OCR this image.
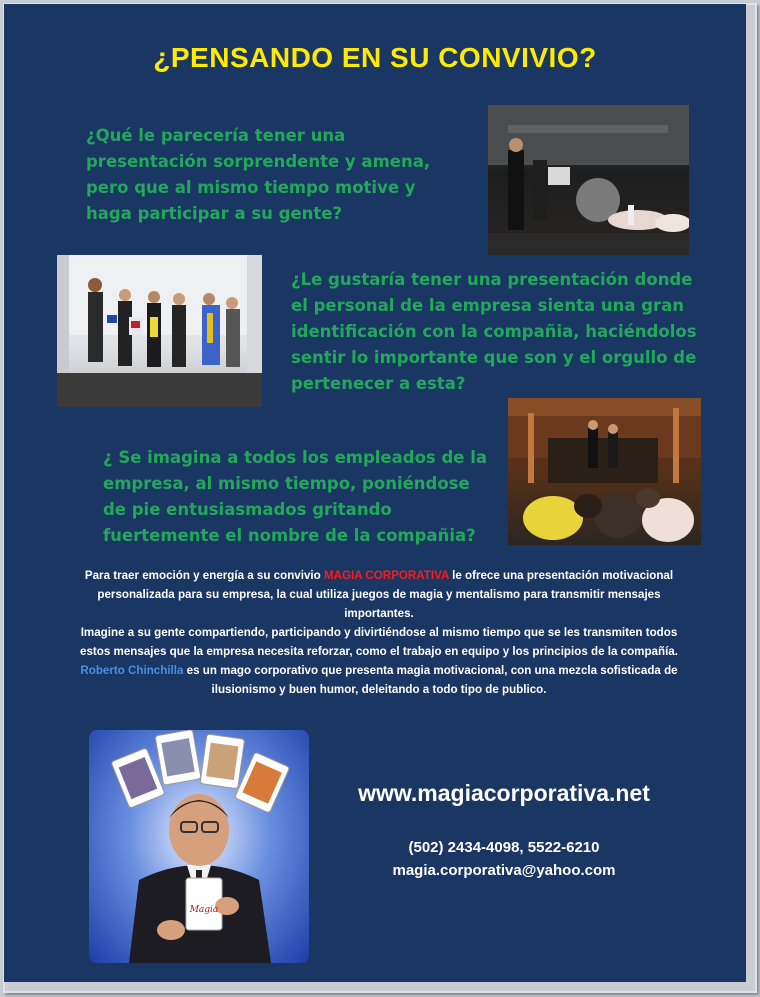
¿PENSANDO EN SU CONVIVIO?
¿Qué le parecería tener una presentación sorprendente y amena, pero que al mismo tiempo motive y haga participar a su gente?
¿Le gustaría tener una presentación donde el personal de la empresa sienta una gran identificación con la compañia, haciéndolos sentir lo importante que son y el orgullo de pertenecer a esta?
¿ Se imagina a todos los empleados de la empresa, al mismo tiempo, poniéndose de pie entusiasmados gritando fuertemente el nombre de la compañia?
Para traer emoción y energía a su convivio MAGIA CORPORATIVA le ofrece una presentación motivacional personalizada para su empresa, la cual utiliza juegos de magia y mentalismo para transmitir mensajes importantes.
Imagine a su gente compartiendo, participando y divirtiéndose al mismo tiempo que se les transmiten todos estos mensajes que la empresa necesita reforzar, como el trabajo en equipo y los principios de la compañía.
Roberto Chinchilla es un mago corporativo que presenta magia motivacional, con una mezcla sofisticada de ilusionismo y buen humor, deleitando a todo tipo de publico.
Magia
www.magiacorporativa.net
(502) 2434-4098, 5522-6210
magia.corporativa@yahoo.com
